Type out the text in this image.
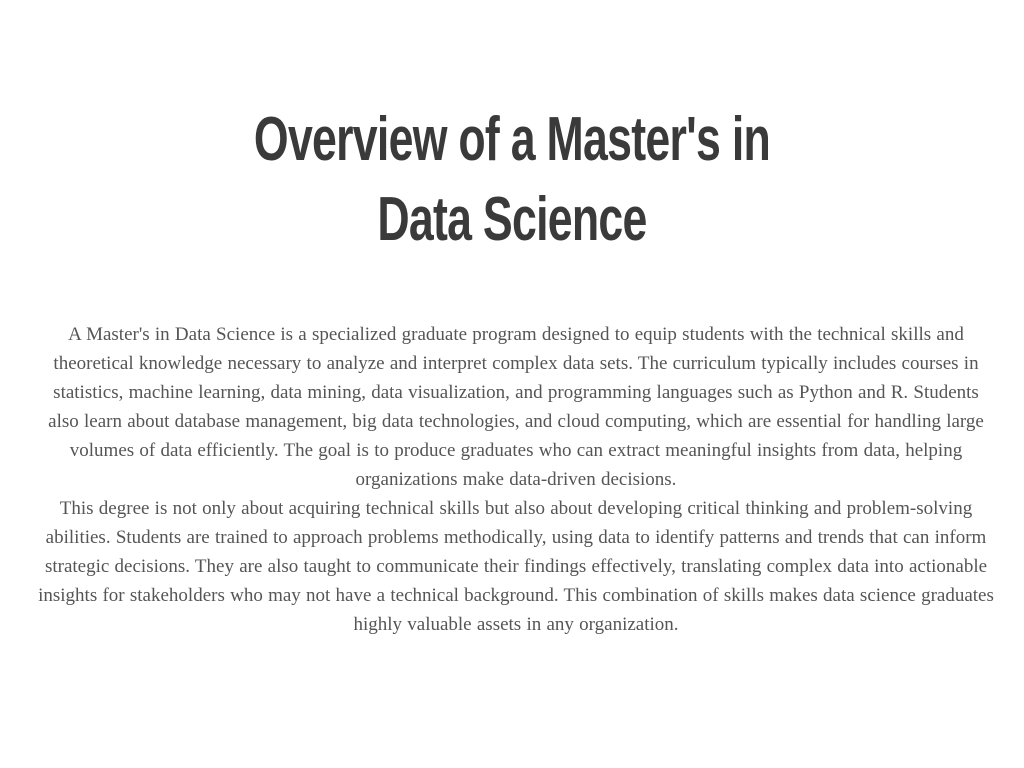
Overview of a Master's in
Data Science

A Master's in Data Science is a specialized graduate program designed to equip students with the technical skills and theoretical knowledge necessary to analyze and interpret complex data sets. The curriculum typically includes courses in statistics, machine learning, data mining, data visualization, and programming languages such as Python and R. Students also learn about database management, big data technologies, and cloud computing, which are essential for handling large volumes of data efficiently. The goal is to produce graduates who can extract meaningful insights from data, helping organizations make data-driven decisions.

This degree is not only about acquiring technical skills but also about developing critical thinking and problem-solving abilities. Students are trained to approach problems methodically, using data to identify patterns and trends that can inform strategic decisions. They are also taught to communicate their findings effectively, translating complex data into actionable insights for stakeholders who may not have a technical background. This combination of skills makes data science graduates highly valuable assets in any organization.
